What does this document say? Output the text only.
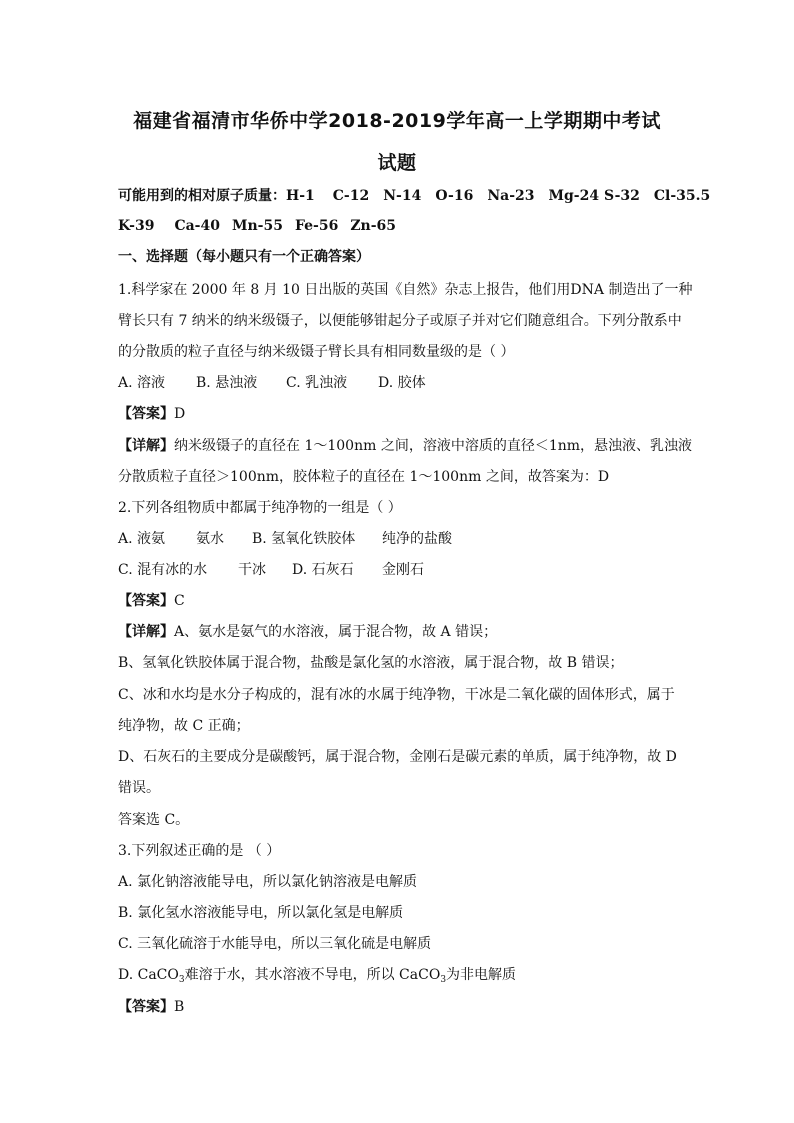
福建省福清市华侨中学2018-2019学年高一上学期期中考试
试题
可能用到的相对原子质量：H-1 C-12 N-14 O-16 Na-23 Mg-24 S-32 Cl-35.5
K-39 Ca-40 Mn-55 Fe-56 Zn-65
一、选择题（每小题只有一个正确答案）
1.科学家在 2000 年 8 月 10 日出版的英国《自然》杂志上报告，他们用DNA 制造出了一种
臂长只有 7 纳米的纳米级镊子，以便能够钳起分子或原子并对它们随意组合。下列分散系中
的分散质的粒子直径与纳米级镊子臂长具有相同数量级的是（ ）
A. 溶液 B. 悬浊液 C. 乳浊液 D. 胶体
【答案】D
【详解】纳米级镊子的直径在 1～100nm 之间，溶液中溶质的直径＜1nm，悬浊液、乳浊液
分散质粒子直径＞100nm，胶体粒子的直径在 1～100nm 之间，故答案为：D
2.下列各组物质中都属于纯净物的一组是（ ）
A. 液氨 氨水 B. 氢氧化铁胶体 纯净的盐酸
C. 混有冰的水 干冰 D. 石灰石 金刚石
【答案】C
【详解】A、氨水是氨气的水溶液，属于混合物，故 A 错误；
B、氢氧化铁胶体属于混合物，盐酸是氯化氢的水溶液，属于混合物，故 B 错误；
C、冰和水均是水分子构成的，混有冰的水属于纯净物，干冰是二氧化碳的固体形式，属于
纯净物，故 C 正确；
D、石灰石的主要成分是碳酸钙，属于混合物，金刚石是碳元素的单质，属于纯净物，故 D
错误。
答案选 C。
3.下列叙述正确的是 （ ）
A. 氯化钠溶液能导电，所以氯化钠溶液是电解质
B. 氯化氢水溶液能导电，所以氯化氢是电解质
C. 三氧化硫溶于水能导电，所以三氧化硫是电解质
D. CaCO$_3$难溶于水，其水溶液不导电，所以 CaCO$_3$为非电解质
【答案】B
